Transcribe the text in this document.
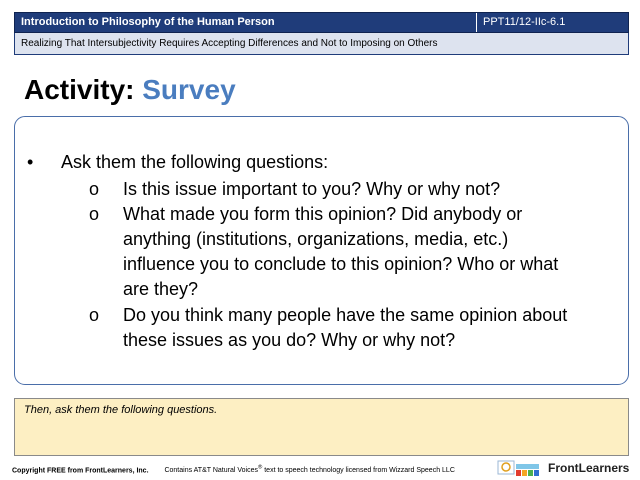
Introduction to Philosophy of the Human Person	PPT11/12-IIc-6.1
Realizing That Intersubjectivity Requires Accepting Differences and Not to Imposing on Others
Activity: Survey
•	Ask them the following questions:
o	Is this issue important to you? Why or why not?
o	What made you form this opinion? Did anybody or anything (institutions, organizations, media, etc.) influence you to conclude to this opinion? Who or what are they?
o	Do you think many people have the same opinion about these issues as you do? Why or why not?
Then, ask them the following questions.
Copyright FREE from FrontLearners, Inc. Contains AT&T Natural Voices® text to speech technology licensed from Wizzard Speech LLC	FrontLearners
